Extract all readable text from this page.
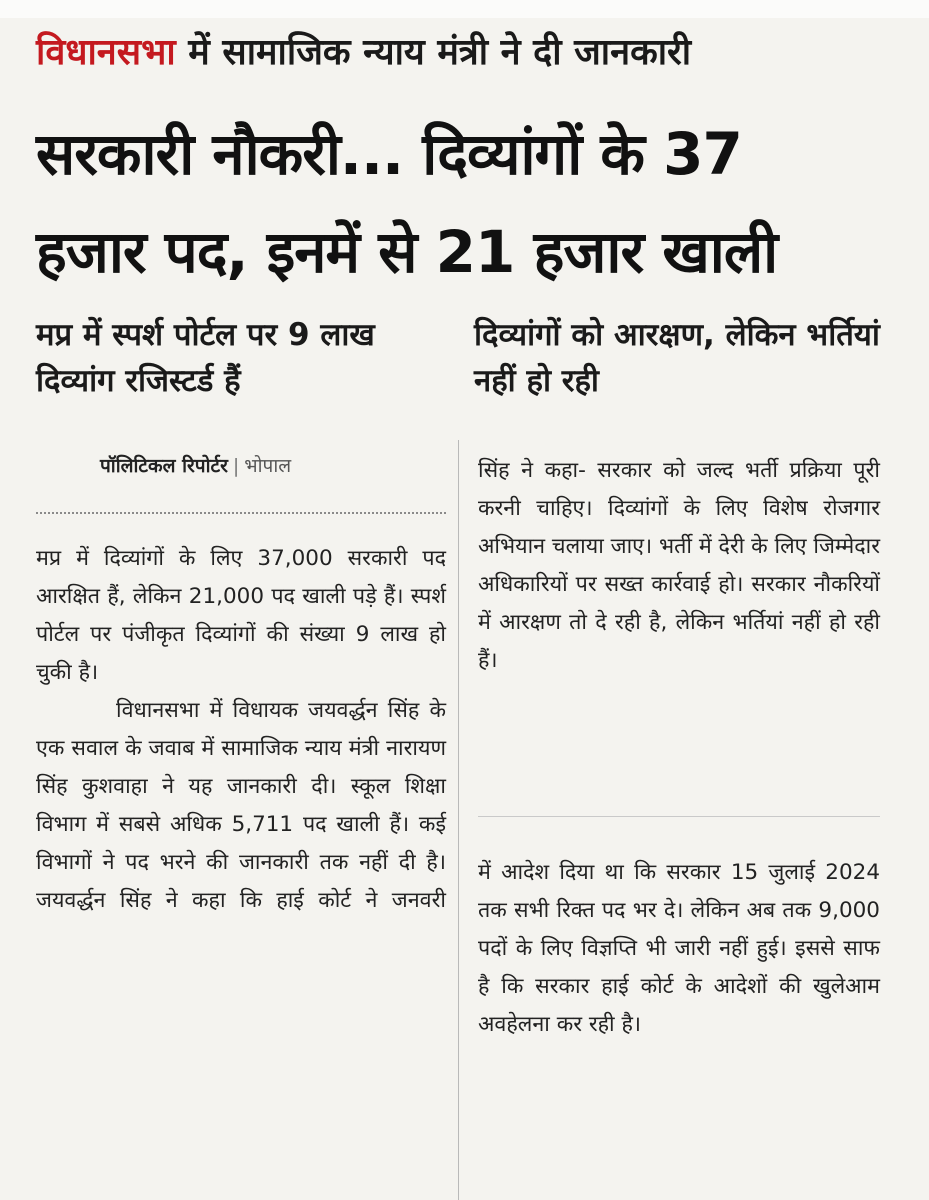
विधानसभा में सामाजिक न्याय मंत्री ने दी जानकारी
सरकारी नौकरी... दिव्यांगों के 37
हजार पद, इनमें से 21 हजार खाली
मप्र में स्पर्श पोर्टल पर 9 लाख दिव्यांग रजिस्टर्ड हैं
दिव्यांगों को आरक्षण, लेकिन भर्तियां नहीं हो रही
पॉलिटिकल रिपोर्टर | भोपाल

मप्र में दिव्यांगों के लिए 37,000 सरकारी पद आरक्षित हैं, लेकिन 21,000 पद खाली पड़े हैं। स्पर्श पोर्टल पर पंजीकृत दिव्यांगों की संख्या 9 लाख हो चुकी है।

विधानसभा में विधायक जयवर्द्धन सिंह के एक सवाल के जवाब में सामाजिक न्याय मंत्री नारायण सिंह कुशवाहा ने यह जानकारी दी। स्कूल शिक्षा विभाग में सबसे अधिक 5,711 पद खाली हैं। कई विभागों ने पद भरने की जानकारी तक नहीं दी है। जयवर्द्धन सिंह ने कहा कि हाई कोर्ट ने जनवरी

सिंह ने कहा- सरकार को जल्द भर्ती प्रक्रिया पूरी करनी चाहिए। दिव्यांगों के लिए विशेष रोजगार अभियान चलाया जाए। भर्ती में देरी के लिए जिम्मेदार अधिकारियों पर सख्त कार्रवाई हो। सरकार नौकरियों में आरक्षण तो दे रही है, लेकिन भर्तियां नहीं हो रही हैं।

में आदेश दिया था कि सरकार 15 जुलाई 2024 तक सभी रिक्त पद भर दे। लेकिन अब तक 9,000 पदों के लिए विज्ञप्ति भी जारी नहीं हुई। इससे साफ है कि सरकार हाई कोर्ट के आदेशों की खुलेआम अवहेलना कर रही है।
